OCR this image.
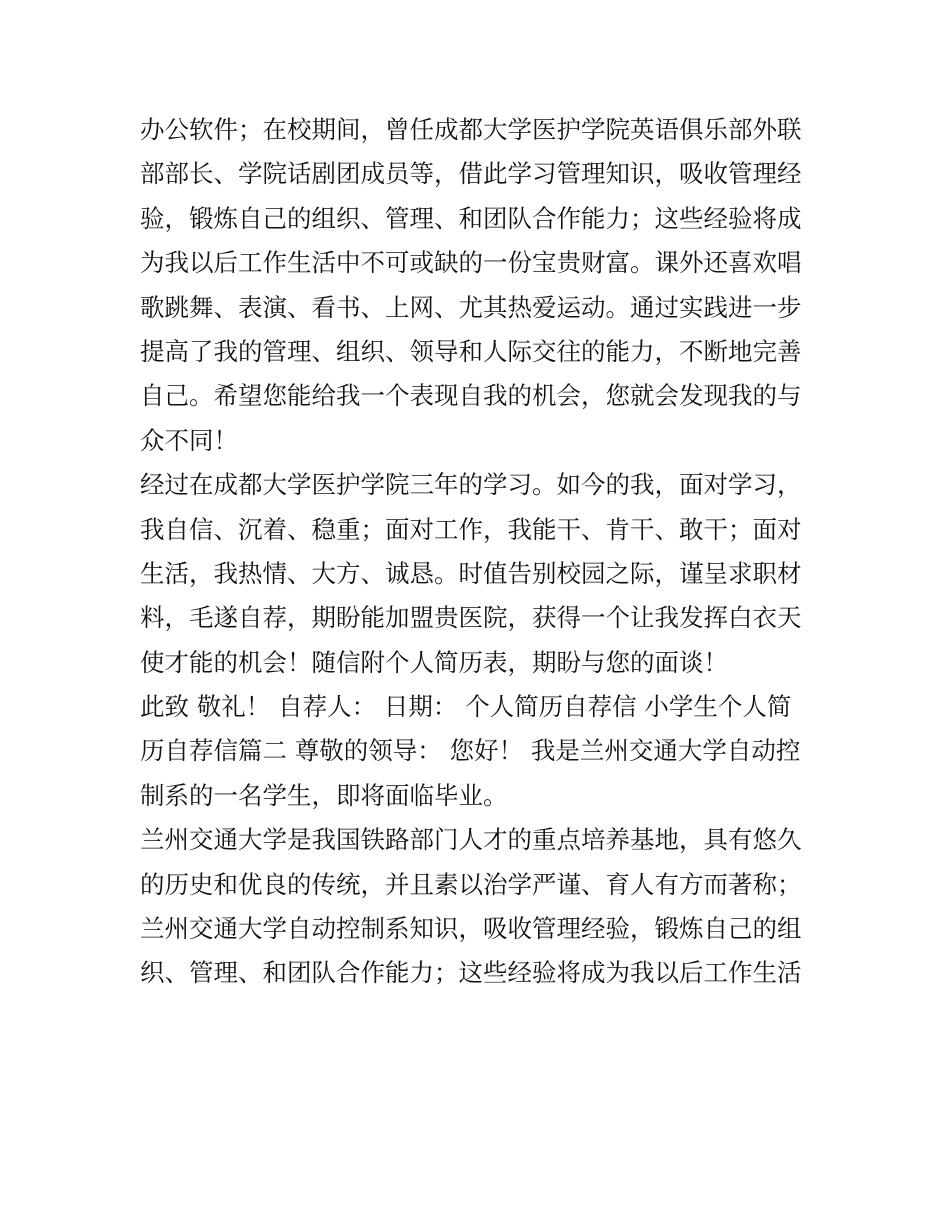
办公软件；在校期间，曾任成都大学医护学院英语俱乐部外联
部部长、学院话剧团成员等，借此学习管理知识，吸收管理经
验，锻炼自己的组织、管理、和团队合作能力；这些经验将成
为我以后工作生活中不可或缺的一份宝贵财富。课外还喜欢唱
歌跳舞、表演、看书、上网、尤其热爱运动。通过实践进一步
提高了我的管理、组织、领导和人际交往的能力，不断地完善
自己。希望您能给我一个表现自我的机会，您就会发现我的与
众不同！
经过在成都大学医护学院三年的学习。如今的我，面对学习，
我自信、沉着、稳重；面对工作，我能干、肯干、敢干；面对
生活，我热情、大方、诚恳。时值告别校园之际，谨呈求职材
料，毛遂自荐，期盼能加盟贵医院，获得一个让我发挥白衣天
使才能的机会！随信附个人简历表，期盼与您的面谈！
此致 敬礼！ 自荐人： 日期： 个人简历自荐信 小学生个人简
历自荐信篇二 尊敬的领导： 您好！ 我是兰州交通大学自动控
制系的一名学生，即将面临毕业。
兰州交通大学是我国铁路部门人才的重点培养基地，具有悠久
的历史和优良的传统，并且素以治学严谨、育人有方而著称；
兰州交通大学自动控制系知识，吸收管理经验，锻炼自己的组
织、管理、和团队合作能力；这些经验将成为我以后工作生活
